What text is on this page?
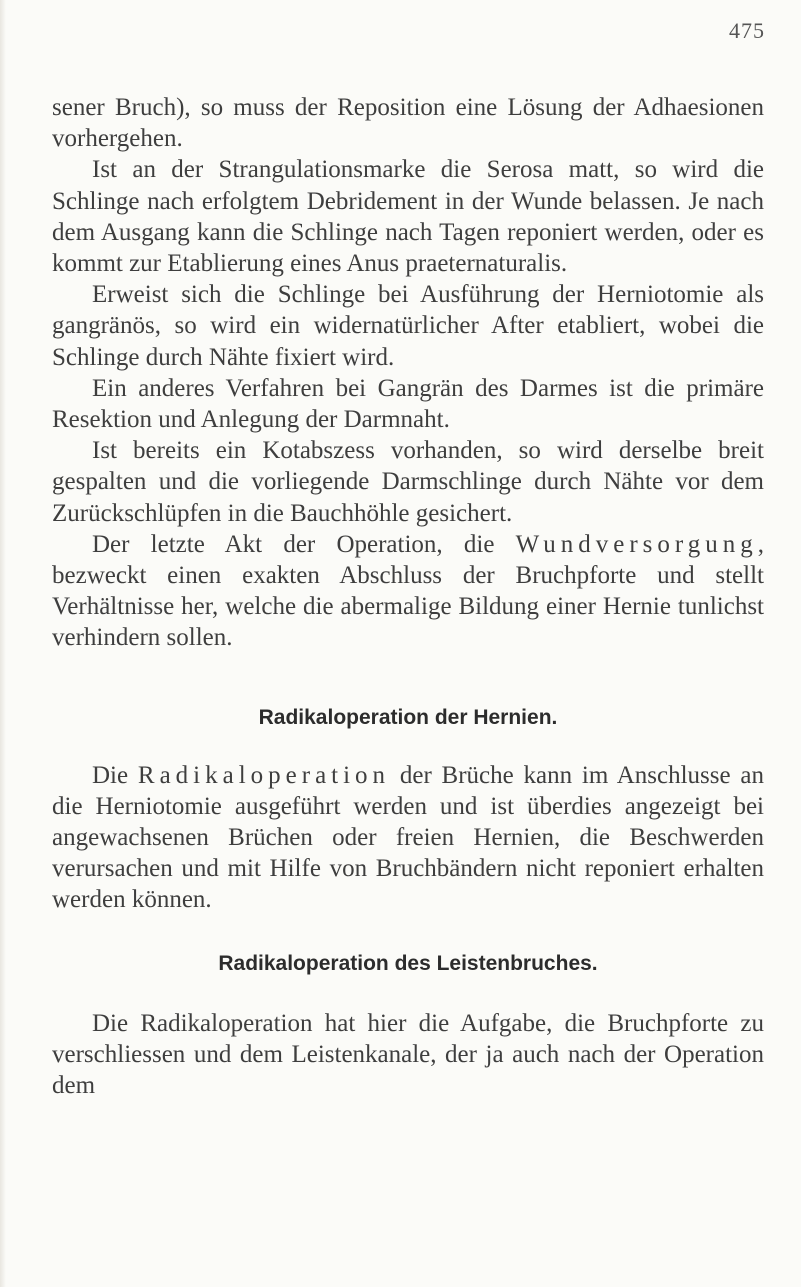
475

sener Bruch), so muss der Reposition eine Lösung der Adhaesionen vorhergehen.

Ist an der Strangulationsmarke die Serosa matt, so wird die Schlinge nach erfolgtem Debridement in der Wunde belassen. Je nach dem Ausgang kann die Schlinge nach Tagen reponiert werden, oder es kommt zur Etablierung eines Anus praeternaturalis.

Erweist sich die Schlinge bei Ausführung der Herniotomie als gangränös, so wird ein widernatürlicher After etabliert, wobei die Schlinge durch Nähte fixiert wird.

Ein anderes Verfahren bei Gangrän des Darmes ist die primäre Resektion und Anlegung der Darmnaht.

Ist bereits ein Kotabszess vorhanden, so wird derselbe breit gespalten und die vorliegende Darmschlinge durch Nähte vor dem Zurückschlüpfen in die Bauchhöhle gesichert.

Der letzte Akt der Operation, die Wundversorgung, bezweckt einen exakten Abschluss der Bruchpforte und stellt Verhältnisse her, welche die abermalige Bildung einer Hernie tunlichst verhindern sollen.

Radikaloperation der Hernien.

Die Radikaloperation der Brüche kann im Anschlusse an die Herniotomie ausgeführt werden und ist überdies angezeigt bei angewachsenen Brüchen oder freien Hernien, die Beschwerden verursachen und mit Hilfe von Bruchbändern nicht reponiert erhalten werden können.

Radikaloperation des Leistenbruches.

Die Radikaloperation hat hier die Aufgabe, die Bruchpforte zu verschliessen und dem Leistenkanale, der ja auch nach der Operation dem
